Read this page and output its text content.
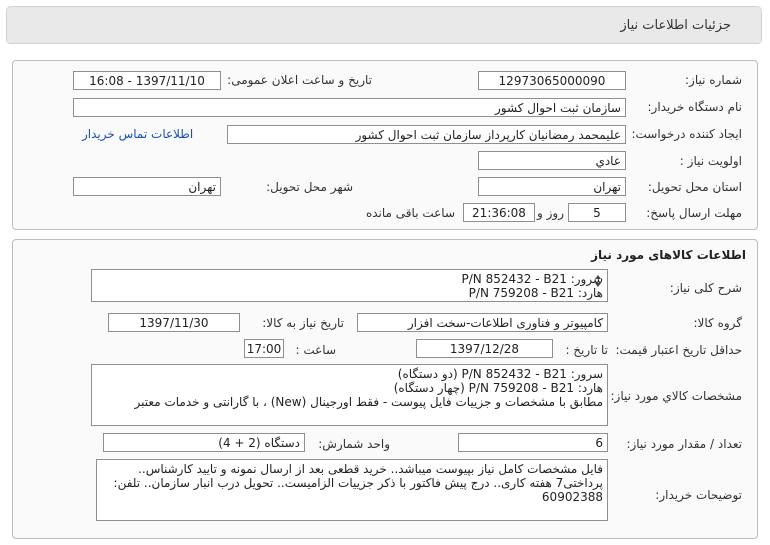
جزئیات اطلاعات نیاز
شماره نیاز:
12973065000090
تاریخ و ساعت اعلان عمومی:
1397/11/10 - 16:08
نام دستگاه خریدار:
سازمان ثبت احوال کشور
ایجاد کننده درخواست:
علیمحمد رمضانیان کارپرداز سازمان ثبت احوال کشور
اطلاعات تماس خریدار
اولویت نیاز :
عادي
استان محل تحویل:
تهران
شهر محل تحویل:
تهران
مهلت ارسال پاسخ:
5
روز و
21:36:08
ساعت باقی مانده
اطلاعات کالاهای مورد نیاز
شرح کلی نیاز:
سرور: P/N 852432 - B21
هارد: P/N 759208 - B21
گروه کالا:
کامپیوتر و فناوری اطلاعات-سخت افزار
تاریخ نیاز به کالا:
1397/11/30
حداقل تاریخ اعتبار قیمت:
تا تاریخ :
1397/12/28
ساعت :
17:00
مشخصات کالاي مورد نیاز:
سرور: P/N 852432 - B21 (دو دستگاه)
هارد: P/N 759208 - B21 (چهار دستگاه)
مطابق با مشخصات و جزییات فایل پیوست - فقط اورجینال (New) ، با گارانتی و خدمات معتبر
تعداد / مقدار مورد نیاز:
6
واحد شمارش:
دستگاه (2 + 4)
توضیحات خریدار:
فایل مشخصات کامل نیاز بپیوست میباشد.. خرید قطعی بعد از ارسال نمونه و تایید کارشناس..
پرداختی7 هفته کاری.. درج پیش فاکتور با ذکر جزییات الزامیست.. تحویل درب انبار سازمان.. تلفن:
60902388
